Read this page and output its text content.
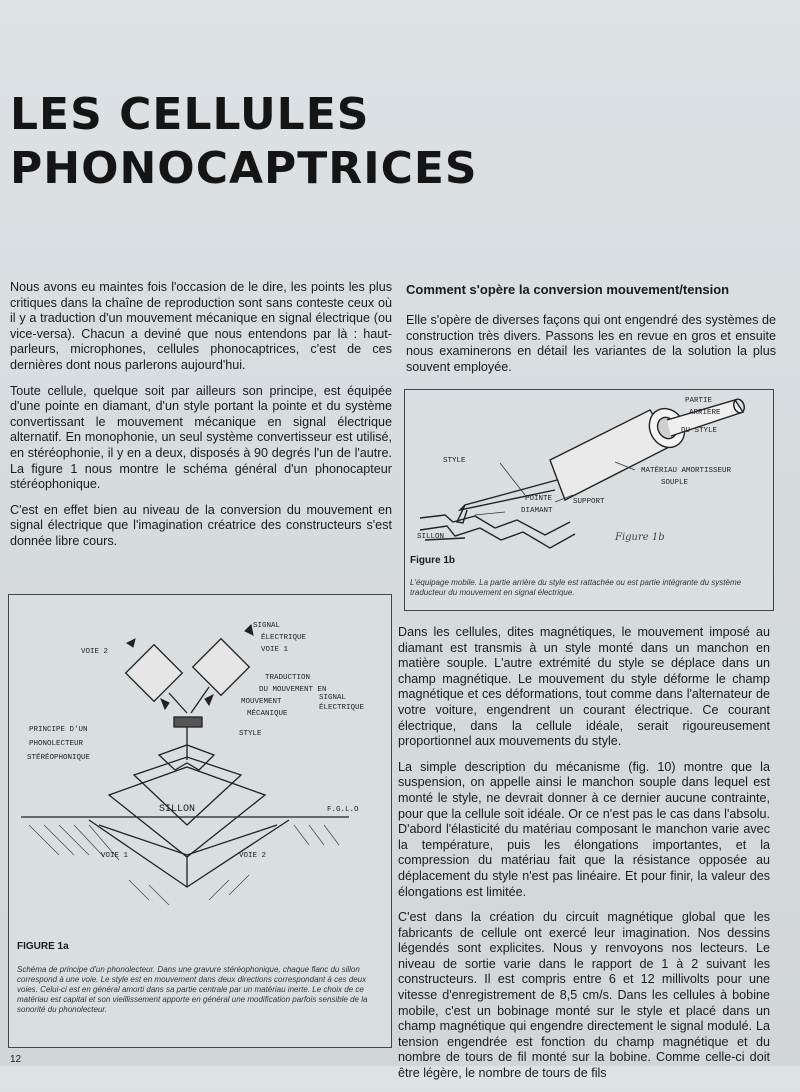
LES CELLULES
PHONOCAPTRICES

Nous avons eu maintes fois l'occasion de le dire, les points les plus critiques dans la chaîne de reproduction sont sans conteste ceux où il y a traduction d'un mouvement mécanique en signal électrique (ou vice-versa). Chacun a deviné que nous entendons par là : haut-parleurs, microphones, cellules phonocaptrices, c'est de ces dernières dont nous parlerons aujourd'hui.

Toute cellule, quelque soit par ailleurs son principe, est équipée d'une pointe en diamant, d'un style portant la pointe et du système convertissant le mouvement mécanique en signal électrique alternatif. En monophonie, un seul système convertisseur est utilisé, en stéréophonie, il y en a deux, disposés à 90 degrés l'un de l'autre. La figure 1 nous montre le schéma général d'un phonocapteur stéréophonique.

C'est en effet bien au niveau de la conversion du mouvement en signal électrique que l'imagination créatrice des constructeurs s'est donnée libre cours.

Comment s'opère la conversion mouvement/tension

Elle s'opère de diverses façons qui ont engendré des systèmes de construction très divers. Passons les en revue en gros et ensuite nous examinerons en détail les variantes de la solution la plus souvent employée.

PARTIE
ARRIERE
DU STYLE
STYLE
MATÉRIAU AMORTISSEUR
SOUPLE
SUPPORT
POINTE
DIAMANT
SILLON	Figure 1b
Figure 1b
L'équipage mobile. La partie arrière du style est rattachée ou est partie intégrante du système traducteur du mouvement en signal électrique.

Dans les cellules, dites magnétiques, le mouvement imposé au diamant est transmis à un style monté dans un manchon en matière souple. L'autre extrémité du style se déplace dans un champ magnétique. Le mouvement du style déforme le champ magnétique et ces déformations, tout comme dans l'alternateur de votre voiture, engendrent un courant électrique. Ce courant électrique, dans la cellule idéale, serait rigoureusement proportionnel aux mouvements du style.

La simple description du mécanisme (fig. 10) montre que la suspension, on appelle ainsi le manchon souple dans lequel est monté le style, ne devrait donner à ce dernier aucune contrainte, pour que la cellule soit idéale. Or ce n'est pas le cas dans l'absolu. D'abord l'élasticité du matériau composant le manchon varie avec la température, puis les élongations importantes, et la compression du matériau fait que la résistance opposée au déplacement du style n'est pas linéaire. Et pour finir, la valeur des élongations est limitée.

C'est dans la création du circuit magnétique global que les fabricants de cellule ont exercé leur imagination. Nos dessins légendés sont explicites. Nous y renvoyons nos lecteurs. Le niveau de sortie varie dans le rapport de 1 à 2 suivant les constructeurs. Il est compris entre 6 et 12 millivolts pour une vitesse d'enregistrement de 8,5 cm/s. Dans les cellules à bobine mobile, c'est un bobinage monté sur le style et placé dans un champ magnétique qui engendre directement le signal modulé. La tension engendrée est fonction du champ magnétique et du nombre de tours de fil monté sur la bobine. Comme celle-ci doit être légère, le nombre de tours de fils

VOIE 2
SIGNAL
ÉLECTRIQUE
VOIE 1
TRADUCTION
DU MOUVEMENT EN
SIGNAL
ÉLECTRIQUE
MOUVEMENT
MÉCANIQUE
STYLE
PRINCIPE D'UN
PHONOLECTEUR
STÉRÉOPHONIQUE
SILLON	F.G.L.O
VOIE 1	VOIE 2
FIGURE 1a
Schéma de principe d'un phonolecteur. Dans une gravure stéréophonique, chaque flanc du sillon correspond à une voie. Le style est en mouvement dans deux directions correspondant à ces deux voies. Celui-ci est en général amorti dans sa partie centrale par un matériau inerte. Le choix de ce matériau est capital et son vieillissement apporte en général une modification parfois sensible de la sonorité du phonolecteur.
12
